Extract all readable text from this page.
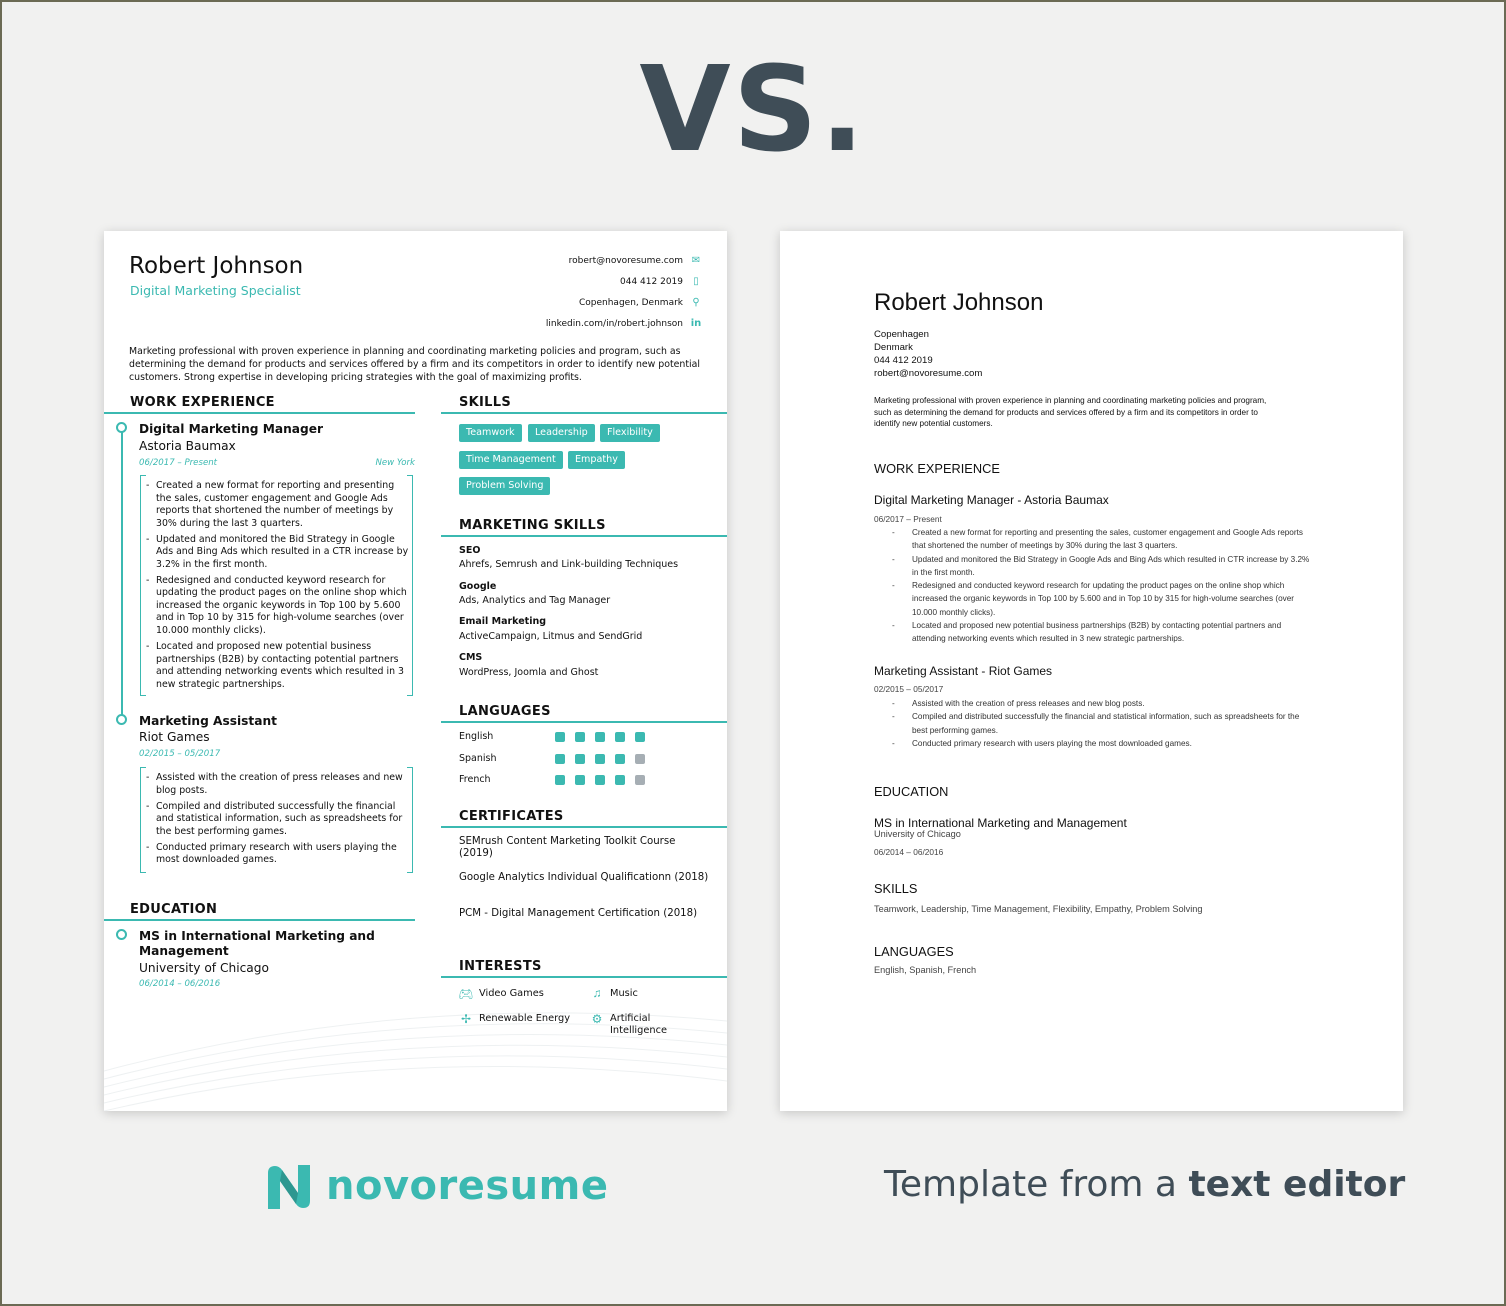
VS.
Robert Johnson
Digital Marketing Specialist
robert@novoresume.com ✉
044 412 2019 ▯
Copenhagen, Denmark ⚲
linkedin.com/in/robert.johnson in
Marketing professional with proven experience in planning and coordinating marketing policies and program, such as determining the demand for products and services offered by a firm and its competitors in order to identify new potential customers. Strong expertise in developing pricing strategies with the goal of maximizing profits.
WORK EXPERIENCE
Digital Marketing Manager
Astoria Baumax
06/2017 – Present	New York
- Created a new format for reporting and presenting the sales, customer engagement and Google Ads reports that shortened the number of meetings by 30% during the last 3 quarters.
- Updated and monitored the Bid Strategy in Google Ads and Bing Ads which resulted in a CTR increase by 3.2% in the first month.
- Redesigned and conducted keyword research for updating the product pages on the online shop which increased the organic keywords in Top 100 by 5.600 and in Top 10 by 315 for high-volume searches (over 10.000 monthly clicks).
- Located and proposed new potential business partnerships (B2B) by contacting potential partners and attending networking events which resulted in 3 new strategic partnerships.
Marketing Assistant
Riot Games
02/2015 – 05/2017
- Assisted with the creation of press releases and new blog posts.
- Compiled and distributed successfully the financial and statistical information, such as spreadsheets for the best performing games.
- Conducted primary research with users playing the most downloaded games.
EDUCATION
MS in International Marketing and Management
University of Chicago
06/2014 – 06/2016
SKILLS
Teamwork	Leadership	Flexibility
Time Management	Empathy
Problem Solving
MARKETING SKILLS
SEO
Ahrefs, Semrush and Link-building Techniques
Google
Ads, Analytics and Tag Manager
Email Marketing
ActiveCampaign, Litmus and SendGrid
CMS
WordPress, Joomla and Ghost
LANGUAGES
English
Spanish
French
CERTIFICATES
SEMrush Content Marketing Toolkit Course (2019)
Google Analytics Individual Qualificationn (2018)
PCM - Digital Management Certification (2018)
INTERESTS
🎮︎ Video Games	♫ Music
✢ Renewable Energy ⚙ Artificial Intelligence
Robert Johnson
Copenhagen
Denmark
044 412 2019
robert@novoresume.com
Marketing professional with proven experience in planning and coordinating marketing policies and program, such as determining the demand for products and services offered by a firm and its competitors in order to identify new potential customers.
WORK EXPERIENCE
Digital Marketing Manager - Astoria Baumax
06/2017 – Present
- Created a new format for reporting and presenting the sales, customer engagement and Google Ads reports that shortened the number of meetings by 30% during the last 3 quarters.
- Updated and monitored the Bid Strategy in Google Ads and Bing Ads which resulted in CTR increase by 3.2% in the first month.
- Redesigned and conducted keyword research for updating the product pages on the online shop which increased the organic keywords in Top 100 by 5.600 and in Top 10 by 315 for high-volume searches (over 10.000 monthly clicks).
- Located and proposed new potential business partnerships (B2B) by contacting potential partners and attending networking events which resulted in 3 new strategic partnerships.
Marketing Assistant - Riot Games
02/2015 – 05/2017
- Assisted with the creation of press releases and new blog posts.
- Compiled and distributed successfully the financial and statistical information, such as spreadsheets for the best performing games.
- Conducted primary research with users playing the most downloaded games.
EDUCATION
MS in International Marketing and Management
University of Chicago
06/2014 – 06/2016
SKILLS
Teamwork, Leadership, Time Management, Flexibility, Empathy, Problem Solving
LANGUAGES
English, Spanish, French
novoresume	Template from a text editor
